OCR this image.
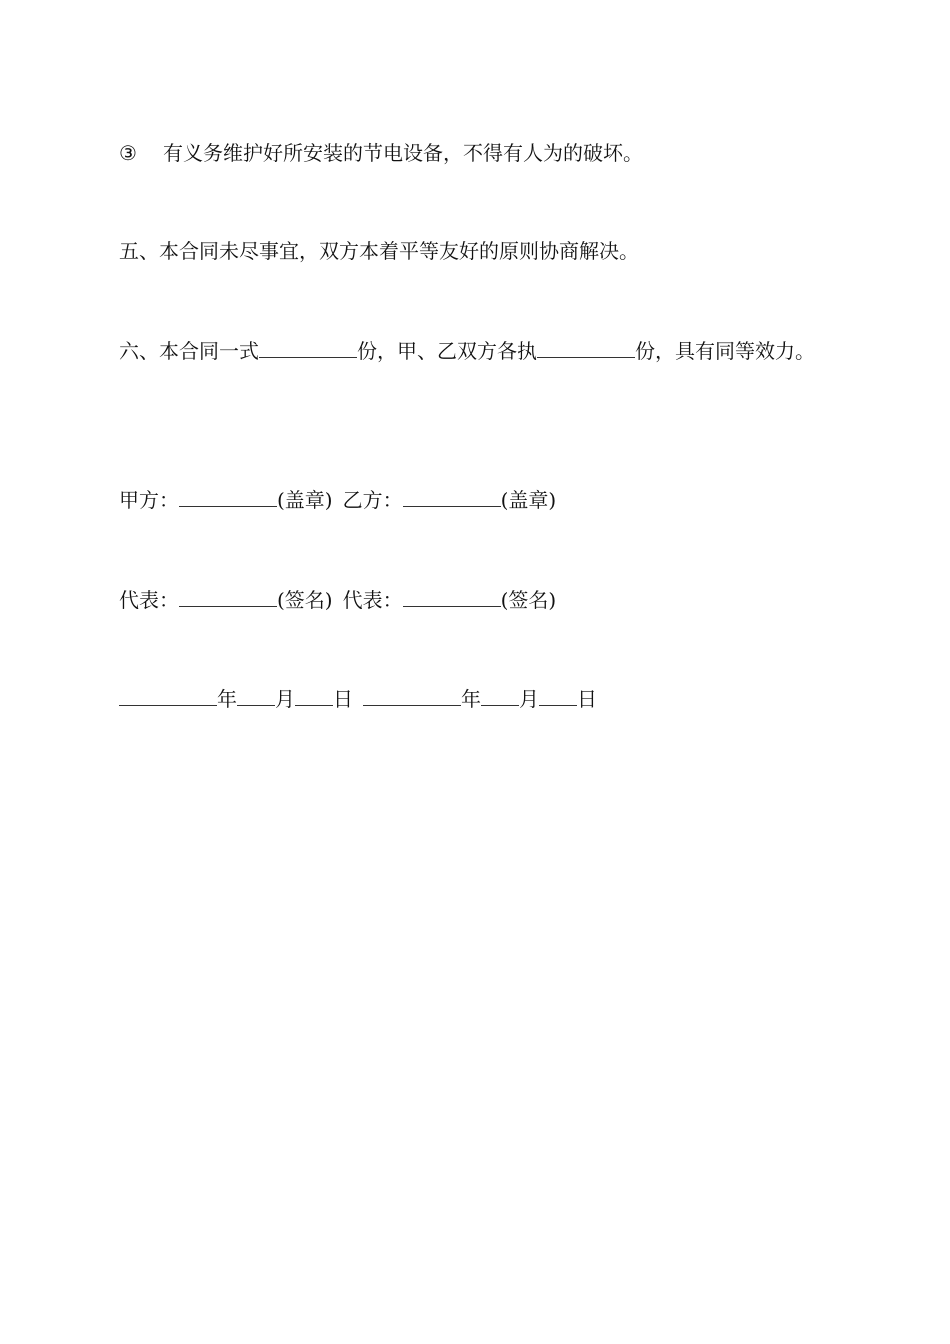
③ 有义务维护好所安装的节电设备，不得有人为的破坏。

五、本合同未尽事宜，双方本着平等友好的原则协商解决。

六、本合同一式	份，甲、乙双方各执	份，具有同等效力。

甲方：	(盖章) 乙方：	(盖章)

代表：	(签名) 代表：	(签名)

年 月 日	年 月 日
